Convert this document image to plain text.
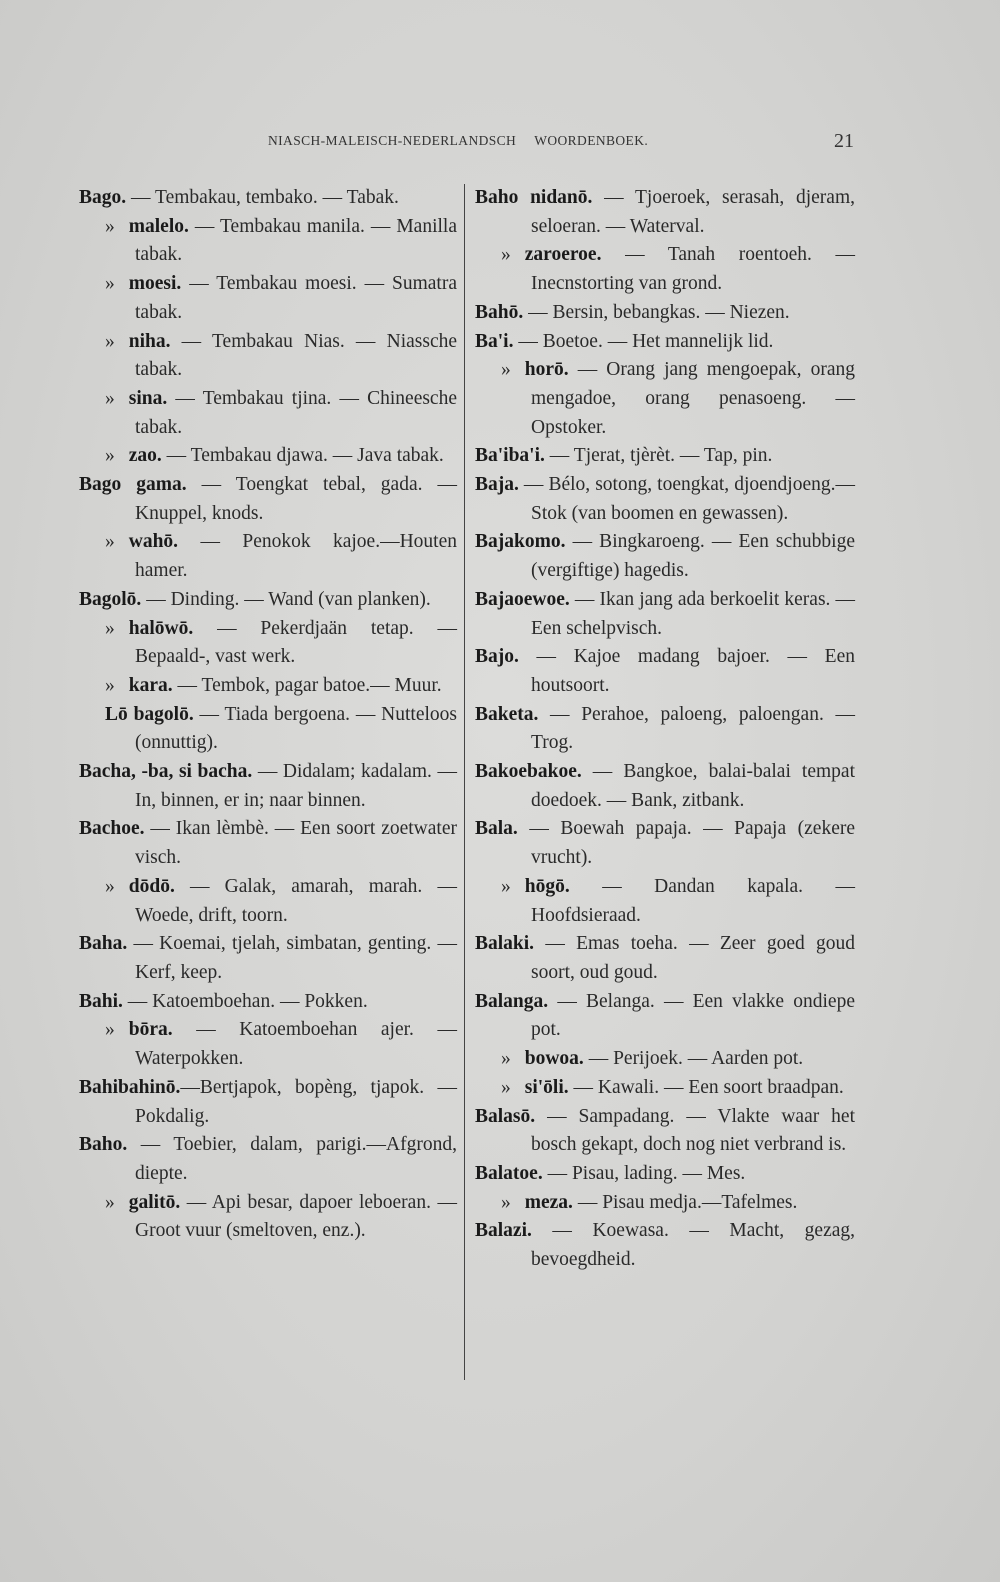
NIASCH-MALEISCH-NEDERLANDSCH WOORDENBOEK.	21

Bago. — Tembakau, tembako. — Tabak.

» malelo. — Tembakau manila. — Manilla tabak.

» moesi. — Tembakau moesi. — Sumatra tabak.

» niha. — Tembakau Nias. — Niassche tabak.

» sina. — Tembakau tjina. — Chineesche tabak.

» zao. — Tembakau djawa. — Java tabak.

Bago gama. — Toengkat tebal, gada. — Knuppel, knods.

» wahō. — Penokok kajoe.—Houten hamer.

Bagolō. — Dinding. — Wand (van planken).

» halōwō. — Pekerdjaän tetap. — Bepaald-, vast werk.

» kara. — Tembok, pagar batoe.— Muur.

Lō bagolō. — Tiada bergoena. — Nutteloos (onnuttig).

Bacha, -ba, si bacha. — Didalam; kadalam. — In, binnen, er in; naar binnen.

Bachoe. — Ikan lèmbè. — Een soort zoetwater visch.

» dōdō. — Galak, amarah, marah. — Woede, drift, toorn.

Baha. — Koemai, tjelah, simbatan, genting. — Kerf, keep.

Bahi. — Katoemboehan. — Pokken.

» bōra. — Katoemboehan ajer. — Waterpokken.

Bahibahinō.—Bertjapok, bopèng, tjapok. — Pokdalig.

Baho. — Toebier, dalam, parigi.—Afgrond, diepte.

» galitō. — Api besar, dapoer leboeran. — Groot vuur (smeltoven, enz.).

Baho nidanō. — Tjoeroek, serasah, djeram, seloeran. — Waterval.

» zaroeroe. — Tanah roentoeh. — Inecnstorting van grond.

Bahō. — Bersin, bebangkas. — Niezen.

Ba'i. — Boetoe. — Het mannelijk lid.

» horō. — Orang jang mengoepak, orang mengadoe, orang penasoeng. — Opstoker.

Ba'iba'i. — Tjerat, tjèrèt. — Tap, pin.

Baja. — Bélo, sotong, toengkat, djoendjoeng.— Stok (van boomen en gewassen).

Bajakomo. — Bingkaroeng. — Een schubbige (vergiftige) hagedis.

Bajaoewoe. — Ikan jang ada berkoelit keras. — Een schelpvisch.

Bajo. — Kajoe madang bajoer. — Een houtsoort.

Baketa. — Perahoe, paloeng, paloengan. — Trog.

Bakoebakoe. — Bangkoe, balai-balai tempat doedoek. — Bank, zitbank.

Bala. — Boewah papaja. — Papaja (zekere vrucht).

» hōgō. — Dandan kapala. — Hoofdsieraad.

Balaki. — Emas toeha. — Zeer goed goud soort, oud goud.

Balanga. — Belanga. — Een vlakke ondiepe pot.

» bowoa. — Perijoek. — Aarden pot.

» si'ōli. — Kawali. — Een soort braadpan.

Balasō. — Sampadang. — Vlakte waar het bosch gekapt, doch nog niet verbrand is.

Balatoe. — Pisau, lading. — Mes.

» meza. — Pisau medja.—Tafelmes.

Balazi. — Koewasa. — Macht, gezag, bevoegdheid.
